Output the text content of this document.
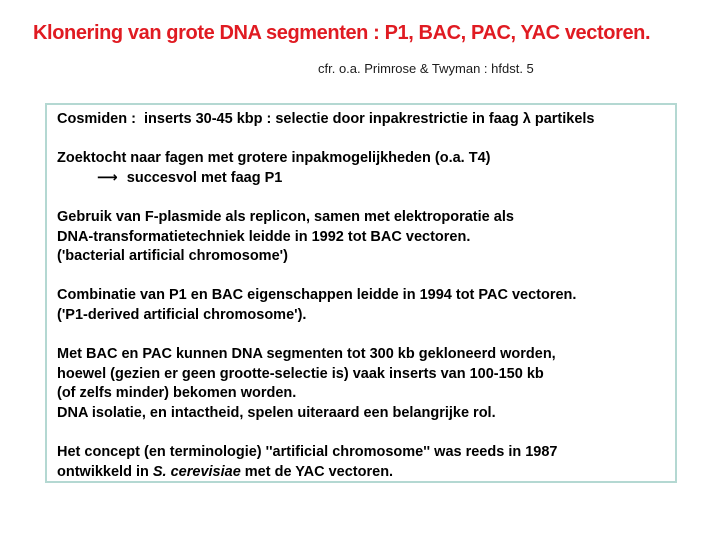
Klonering van grote DNA segmenten : P1, BAC, PAC, YAC vectoren.
cfr. o.a. Primrose & Twyman : hfdst. 5
Cosmiden :  inserts 30-45 kbp : selectie door inpakrestrictie in faag λ partikels
Zoektocht naar fagen met grotere inpakmogelijkheden (o.a. T4)
⟶ succesvol met faag P1
Gebruik van F-plasmide als replicon, samen met elektroporatie als
DNA-transformatietechniek leidde in 1992 tot BAC vectoren.
('bacterial artificial chromosome')
Combinatie van P1 en BAC eigenschappen leidde in 1994 tot PAC vectoren.
('P1-derived artificial chromosome').
Met BAC en PAC kunnen DNA segmenten tot 300 kb gekloneerd worden,
hoewel (gezien er geen grootte-selectie is) vaak inserts van 100-150 kb
(of zelfs minder) bekomen worden.
DNA isolatie, en intactheid, spelen uiteraard een belangrijke rol.
Het concept (en terminologie) ''artificial chromosome'' was reeds in 1987
ontwikkeld in S. cerevisiae met de YAC vectoren.
